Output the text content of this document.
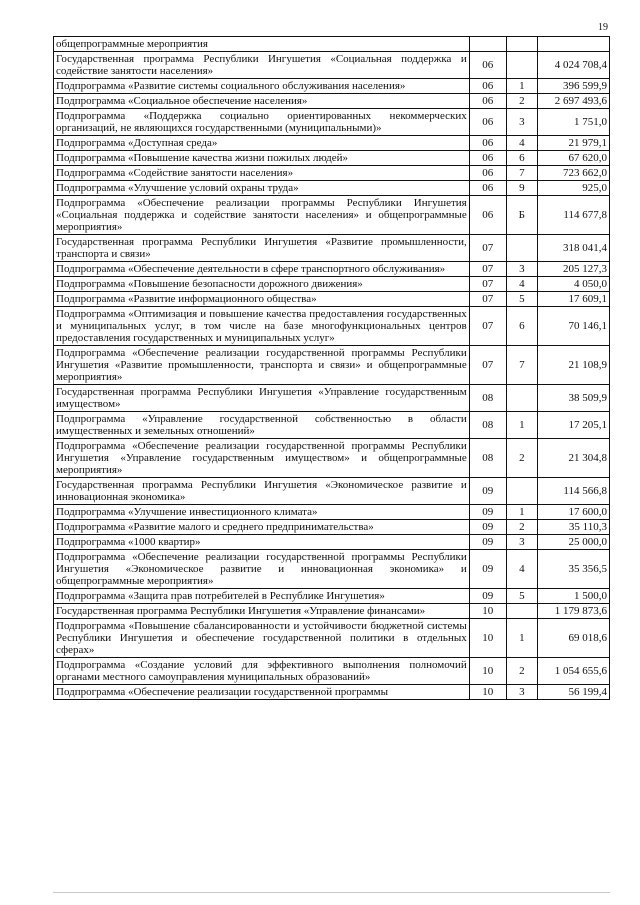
19
общепрограммные мероприятия			
Государственная программа Республики Ингушетия «Социальная поддержка и содействие занятости населения»	06		4 024 708,4
Подпрограмма «Развитие системы социального обслуживания населения»	06	1	396 599,9
Подпрограмма «Социальное обеспечение населения»	06	2	2 697 493,6
Подпрограмма «Поддержка социально ориентированных некоммерческих организаций, не являющихся государственными (муниципальными)»	06	3	1 751,0
Подпрограмма «Доступная среда»	06	4	21 979,1
Подпрограмма «Повышение качества жизни пожилых людей»	06	6	67 620,0
Подпрограмма «Содействие занятости населения»	06	7	723 662,0
Подпрограмма «Улучшение условий охраны труда»	06	9	925,0
Подпрограмма «Обеспечение реализации программы Республики Ингушетия «Социальная поддержка и содействие занятости населения» и общепрограммные мероприятия»	06	Б	114 677,8
Государственная программа Республики Ингушетия «Развитие промышленности, транспорта и связи»	07		318 041,4
Подпрограмма «Обеспечение деятельности в сфере транспортного обслуживания»	07	3	205 127,3
Подпрограмма «Повышение безопасности дорожного движения»	07	4	4 050,0
Подпрограмма «Развитие информационного общества»	07	5	17 609,1
Подпрограмма «Оптимизация и повышение качества предоставления государственных и муниципальных услуг, в том числе на базе многофункциональных центров предоставления государственных и муниципальных услуг»	07	6	70 146,1
Подпрограмма «Обеспечение реализации государственной программы Республики Ингушетия «Развитие промышленности, транспорта и связи» и общепрограммные мероприятия»	07	7	21 108,9
Государственная программа Республики Ингушетия «Управление государственным имуществом»	08		38 509,9
Подпрограмма «Управление государственной собственностью в области имущественных и земельных отношений»	08	1	17 205,1
Подпрограмма «Обеспечение реализации государственной программы Республики Ингушетия «Управление государственным имуществом» и общепрограммные мероприятия»	08	2	21 304,8
Государственная программа Республики Ингушетия «Экономическое развитие и инновационная экономика»	09		114 566,8
Подпрограмма «Улучшение инвестиционного климата»	09	1	17 600,0
Подпрограмма «Развитие малого и среднего предпринимательства»	09	2	35 110,3
Подпрограмма «1000 квартир»	09	3	25 000,0
Подпрограмма «Обеспечение реализации государственной программы Республики Ингушетия «Экономическое развитие и инновационная экономика» и общепрограммные мероприятия»	09	4	35 356,5
Подпрограмма «Защита прав потребителей в Республике Ингушетия»	09	5	1 500,0
Государственная программа Республики Ингушетия «Управление финансами»	10		1 179 873,6
Подпрограмма «Повышение сбалансированности и устойчивости бюджетной системы Республики Ингушетия и обеспечение государственной политики в отдельных сферах»	10	1	69 018,6
Подпрограмма «Создание условий для эффективного выполнения полномочий органами местного самоуправления муниципальных образований»	10	2	1 054 655,6
Подпрограмма «Обеспечение реализации государственной программы	10	3	56 199,4
